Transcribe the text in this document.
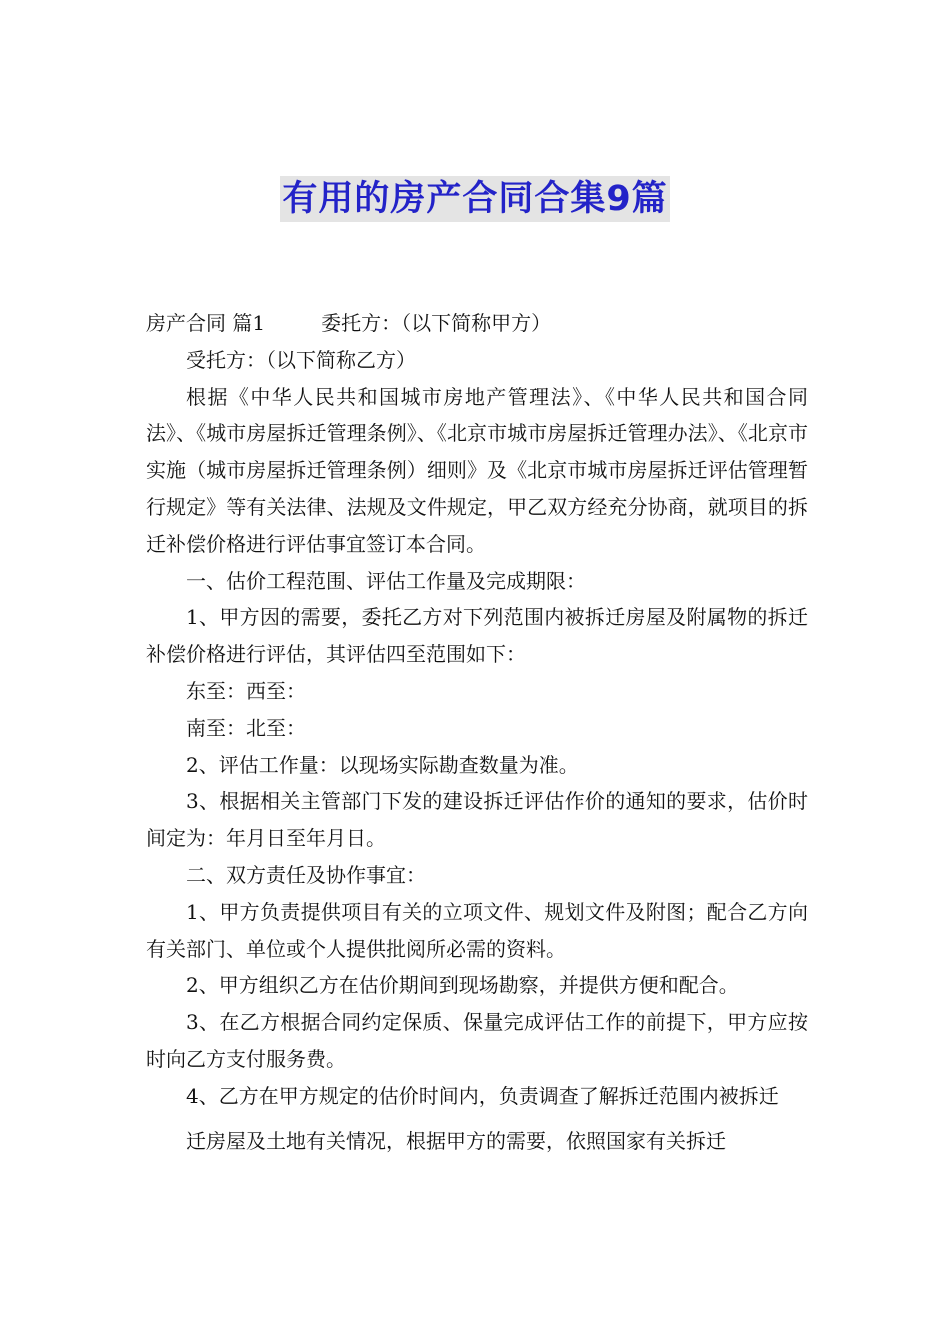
有用的房产合同合集9篇

房产合同 篇1	委托方：（以下简称甲方）

受托方：（以下简称乙方）

根据《中华人民共和国城市房地产管理法》、《中华人民共和国合同法》、《城市房屋拆迁管理条例》、《北京市城市房屋拆迁管理办法》、《北京市实施（城市房屋拆迁管理条例）细则》及《北京市城市房屋拆迁评估管理暂行规定》等有关法律、法规及文件规定，甲乙双方经充分协商，就项目的拆迁补偿价格进行评估事宜签订本合同。

一、估价工程范围、评估工作量及完成期限：

1、甲方因的需要，委托乙方对下列范围内被拆迁房屋及附属物的拆迁补偿价格进行评估，其评估四至范围如下：

东至：西至：

南至：北至：

2、评估工作量：以现场实际勘查数量为准。

3、根据相关主管部门下发的建设拆迁评估作价的通知的要求，估价时间定为：年月日至年月日。

二、双方责任及协作事宜：

1、甲方负责提供项目有关的立项文件、规划文件及附图；配合乙方向有关部门、单位或个人提供批阅所必需的资料。

2、甲方组织乙方在估价期间到现场勘察，并提供方便和配合。

3、在乙方根据合同约定保质、保量完成评估工作的前提下，甲方应按时向乙方支付服务费。

4、乙方在甲方规定的估价时间内，负责调查了解拆迁范围内被拆迁

迁房屋及土地有关情况，根据甲方的需要，依照国家有关拆迁
